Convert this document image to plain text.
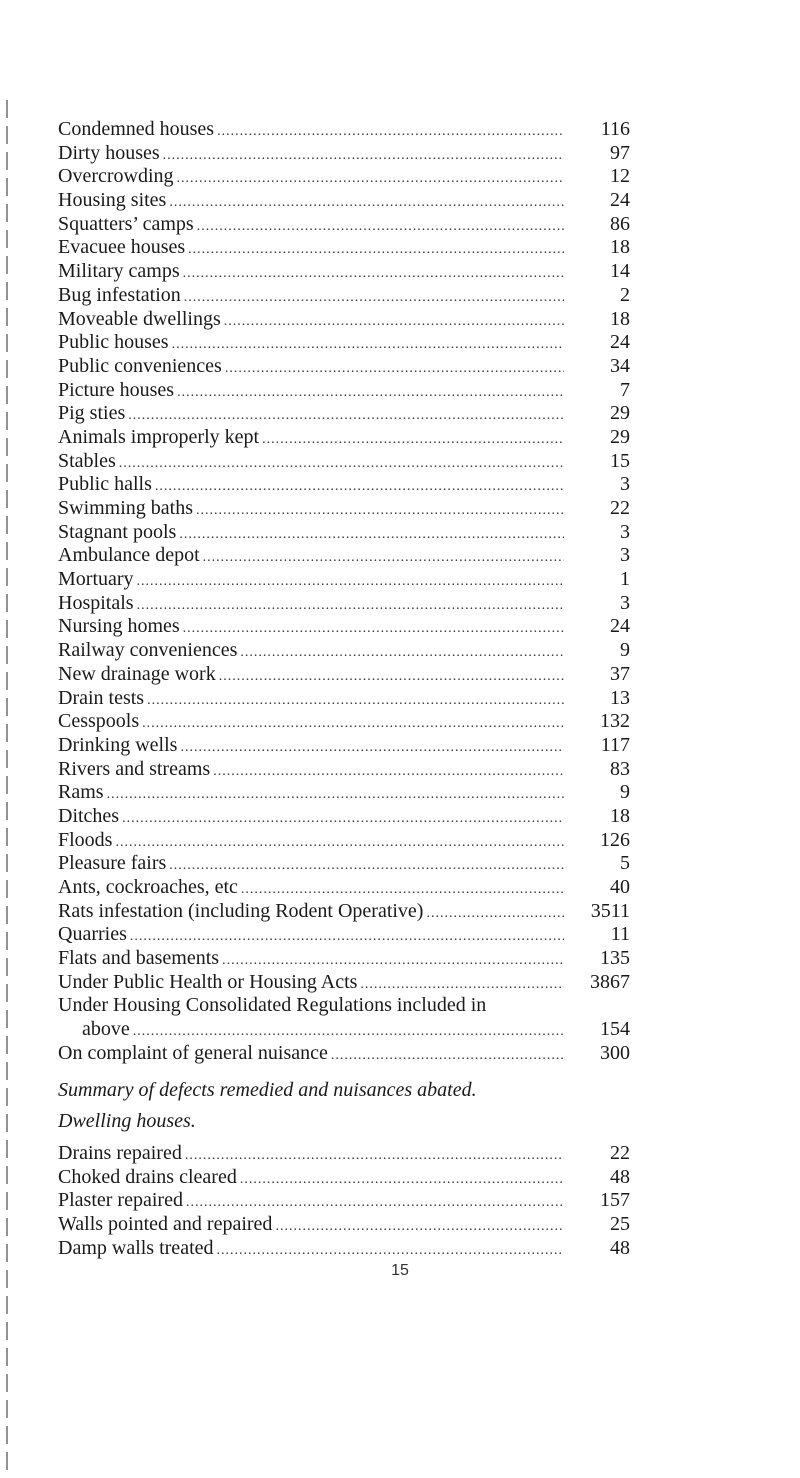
Condemned houses .....	116
Dirty houses .....	97
Overcrowding .....	12
Housing sites .....	24
Squatters’ camps .....	86
Evacuee houses .....	18
Military camps .....	14
Bug infestation .....	2
Moveable dwellings .....	18
Public houses .....	24
Public conveniences .....	34
Picture houses .....	7
Pig sties .....	29
Animals improperly kept .....	29
Stables .....	15
Public halls .....	3
Swimming baths .....	22
Stagnant pools .....	3
Ambulance depot .....	3
Mortuary .....	1
Hospitals .....	3
Nursing homes .....	24
Railway conveniences .....	9
New drainage work .....	37
Drain tests .....	13
Cesspools .....	132
Drinking wells .....	117
Rivers and streams .....	83
Rams .....	9
Ditches .....	18
Floods .....	126
Pleasure fairs .....	5
Ants, cockroaches, etc .....	40
Rats infestation (including Rodent Operative) .....	3511
Quarries .....	11
Flats and basements .....	135
Under Public Health or Housing Acts .....	3867
Under Housing Consolidated Regulations included in
above .....	154
On complaint of general nuisance .....	300
Summary of defects remedied and nuisances abated.
Dwelling houses.
Drains repaired .....	22
Choked drains cleared .....	48
Plaster repaired .....	157
Walls pointed and repaired .....	25
Damp walls treated .....	48
15
